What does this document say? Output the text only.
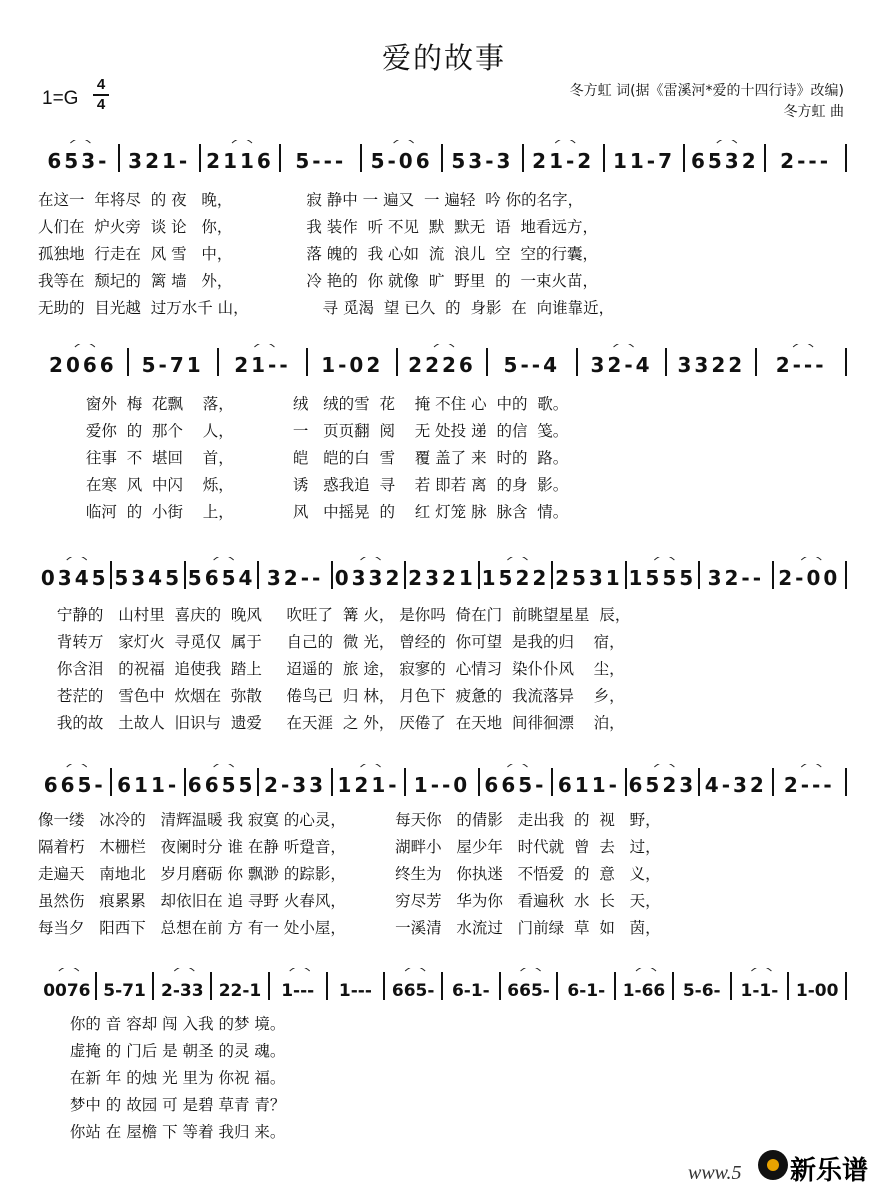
爱的故事
1=G
4
4
冬方虹 词(据《雷溪河*爱的十四行诗》改编)
冬方虹 曲
653- 321- 2116 5--- 5-06 53-3 21-2 11-7 6532 2---
在这一  年将尽  的 夜   晚，               寂 静中 一 遍又  一 遍轻  吟 你的名字，
人们在  炉火旁  谈 论   你，               我 装作  听 不见  默  默无  语  地看远方，
孤独地  行走在  风 雪   中，               落 魄的  我 心如  流  浪儿  空  空的行囊，
我等在  颓圮的  篱 墙   外，               冷 艳的  你 就像  旷  野里  的  一束火苗，
无助的  目光越  过万水千 山，               寻 觅渴  望 已久  的  身影  在  向谁靠近，
2066 5-71 21-- 1-02 2226 5--4 32-4 3322 2---
窗外  梅  花飘    落，            绒   绒的雪  花    掩 不住 心  中的  歌。
爱你  的  那个    人，            一   页页翻  阅    无 处投 递  的信  笺。
往事  不  堪回    首，            皑   皑的白  雪    覆 盖了 来  时的  路。
在寒  风  中闪    烁，            诱   惑我追  寻    若 即若 离  的身  影。
临河  的  小街    上，            风   中摇晃  的    红 灯笼 脉  脉含  情。
0345 5345 5654 32-- 0332 2321 1522 2531 1555 32-- 2-00
宁静的   山村里  喜庆的  晚风     吹旺了  篝 火， 是你吗  倚在门  前眺望星星  辰，
背转万   家灯火  寻觅仅  属于     自己的  微 光， 曾经的  你可望  是我的归    宿，
你含泪   的祝福  追使我  踏上     迢遥的  旅 途， 寂寥的  心情习  染仆仆风    尘，
苍茫的   雪色中  炊烟在  弥散     倦鸟已  归 林， 月色下  疲惫的  我流落异    乡，
我的故   土故人  旧识与  遗爱     在天涯  之 外， 厌倦了  在天地  间徘徊漂    泊，
665- 611- 6655 2-33 121- 1--0 665- 611- 6523 4-32 2---
像一缕   冰冷的   清辉温暖 我 寂寞 的心灵，          每天你   的倩影   走出我  的  视   野，
隔着朽   木栅栏   夜阑时分 谁 在静 听跫音，          湖畔小   屋少年   时代就  曾  去   过，
走遍天   南地北   岁月磨砺 你 飘渺 的踪影，          终生为   你执迷   不悟爱  的  意   义，
虽然伤   痕累累   却依旧在 追 寻野 火春风，          穷尽芳   华为你   看遍秋  水  长   天，
每当夕   阳西下   总想在前 方 有一 处小屋，          一溪清   水流过   门前绿  草  如   茵，
0076 5-71 2-33 22-1 1--- 1--- 665- 6-1- 665- 6-1- 1-66 5-6- 1-1- 1-00
你的 音 容却 闯 入我 的梦 境。
虚掩 的 门后 是 朝圣 的灵 魂。
在新 年 的烛 光 里为 你祝 福。
梦中 的 故园 可 是碧 草青 青？
你站 在 屋檐 下 等着 我归 来。
www.5 新乐谱
